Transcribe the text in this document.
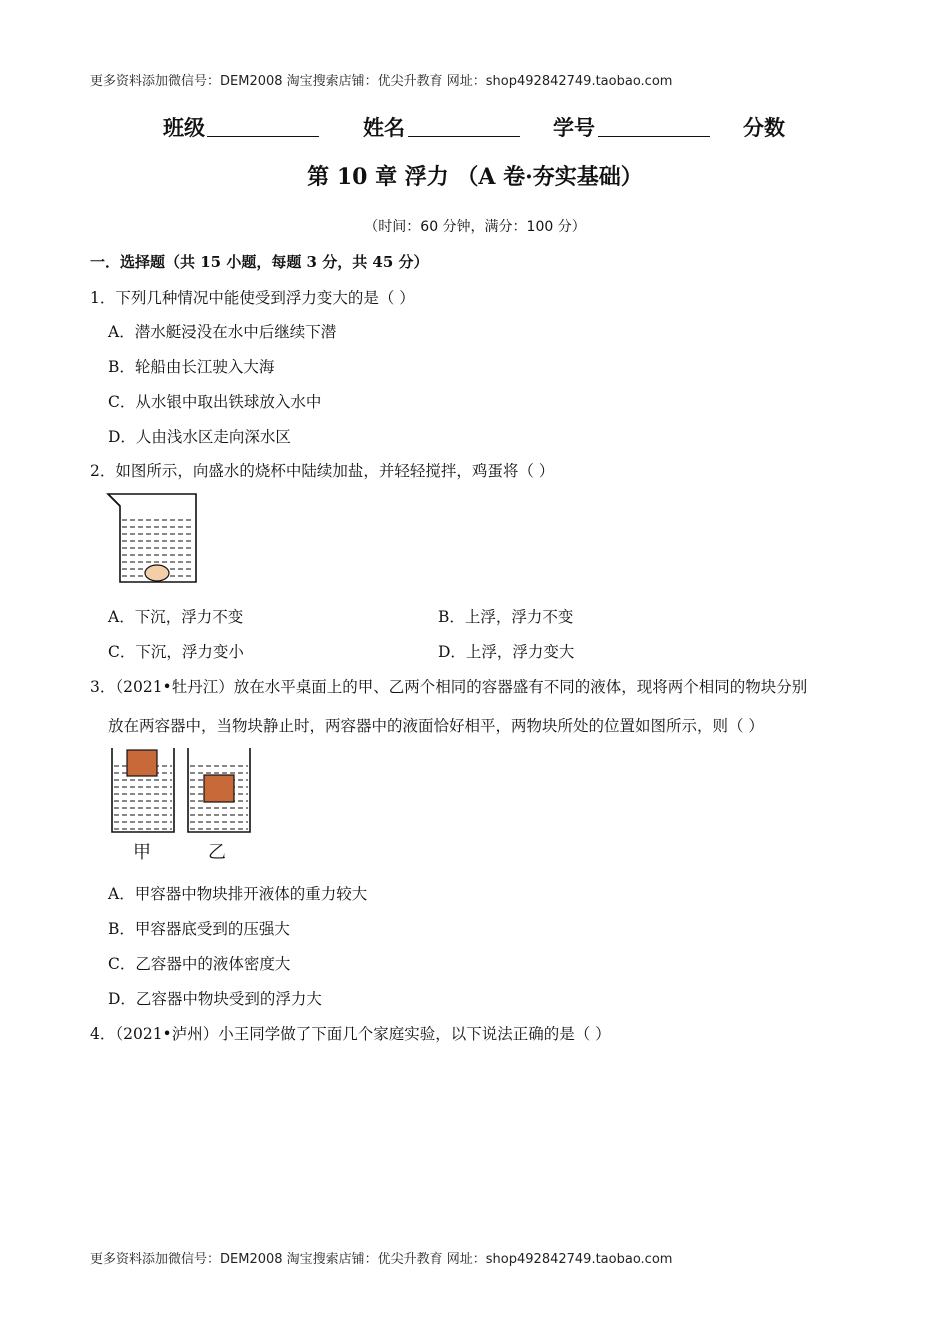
更多资料添加微信号：DEM2008 淘宝搜索店铺：优尖升教育 网址：shop492842749.taobao.com
班级	姓名	学号	分数
第 10 章 浮力 （A 卷·夯实基础）
（时间：60 分钟，满分：100 分）
一．选择题（共 15 小题，每题 3 分，共 45 分）
1．下列几种情况中能使受到浮力变大的是（ ）
A．潜水艇浸没在水中后继续下潜
B．轮船由长江驶入大海
C．从水银中取出铁球放入水中
D．人由浅水区走向深水区
2．如图所示，向盛水的烧杯中陆续加盐，并轻轻搅拌，鸡蛋将（ ）
A．下沉，浮力不变	B．上浮，浮力不变
C．下沉，浮力变小	D．上浮，浮力变大
3．（2021•牡丹江）放在水平桌面上的甲、乙两个相同的容器盛有不同的液体，现将两个相同的物块分别
放在两容器中，当物块静止时，两容器中的液面恰好相平，两物块所处的位置如图所示，则（ ）
甲	乙
A．甲容器中物块排开液体的重力较大
B．甲容器底受到的压强大
C．乙容器中的液体密度大
D．乙容器中物块受到的浮力大
4．（2021•泸州）小王同学做了下面几个家庭实验，以下说法正确的是（ ）
更多资料添加微信号：DEM2008 淘宝搜索店铺：优尖升教育 网址：shop492842749.taobao.com
